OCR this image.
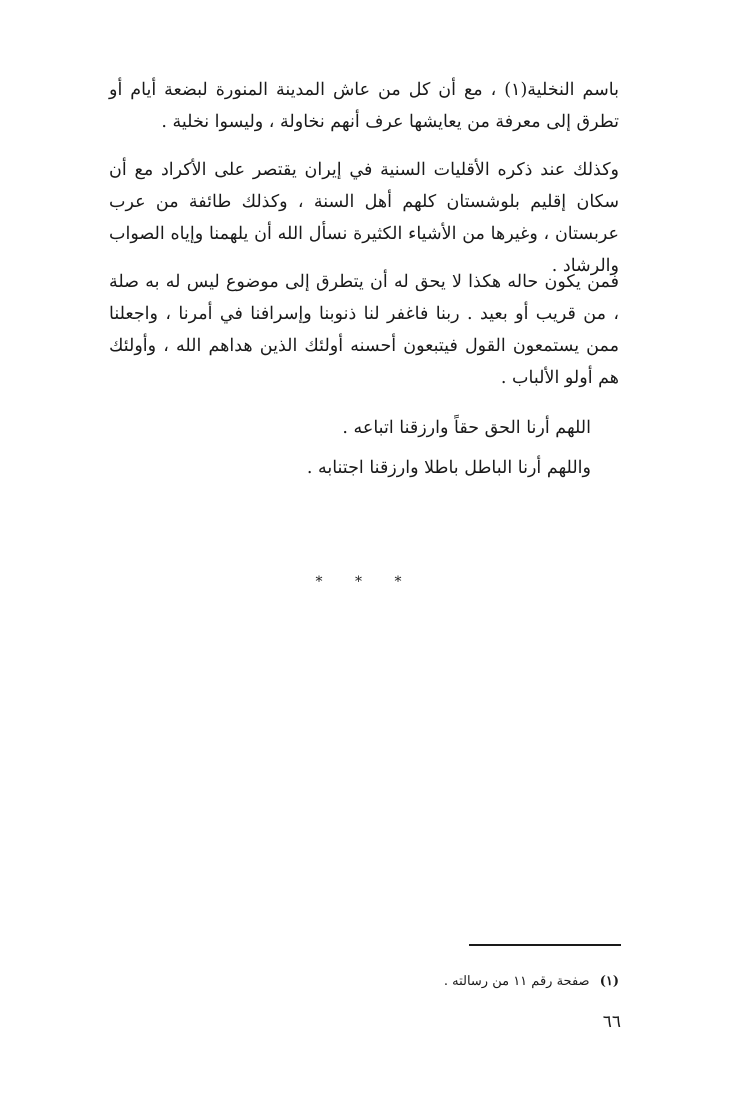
باسم النخلية(١) ، مع أن كل من عاش المدينة المنورة لبضعة أيام أو تطرق إلى معرفة من يعايشها عرف أنهم نخاولة ، وليسوا نخلية .
وكذلك عند ذكره الأقليات السنية في إيران يقتصر على الأكراد مع أن سكان إقليم بلوشستان كلهم أهل السنة ، وكذلك طائفة من عرب عربستان ، وغيرها من الأشياء الكثيرة نسأل الله أن يلهمنا وإياه الصواب والرشاد .
فمن يكون حاله هكذا لا يحق له أن يتطرق إلى موضوع ليس له به صلة ، من قريب أو بعيد . ربنا فاغفر لنا ذنوبنا وإسرافنا في أمرنا ، واجعلنا ممن يستمعون القول فيتبعون أحسنه أولئك الذين هداهم الله ، وأولئك هم أولو الألباب .
اللهم أرنا الحق حقاً وارزقنا اتباعه .
واللهم أرنا الباطل باطلا وارزقنا اجتنابه .
* * *
(١) صفحة رقم ١١ من رسالته .
٦٦
